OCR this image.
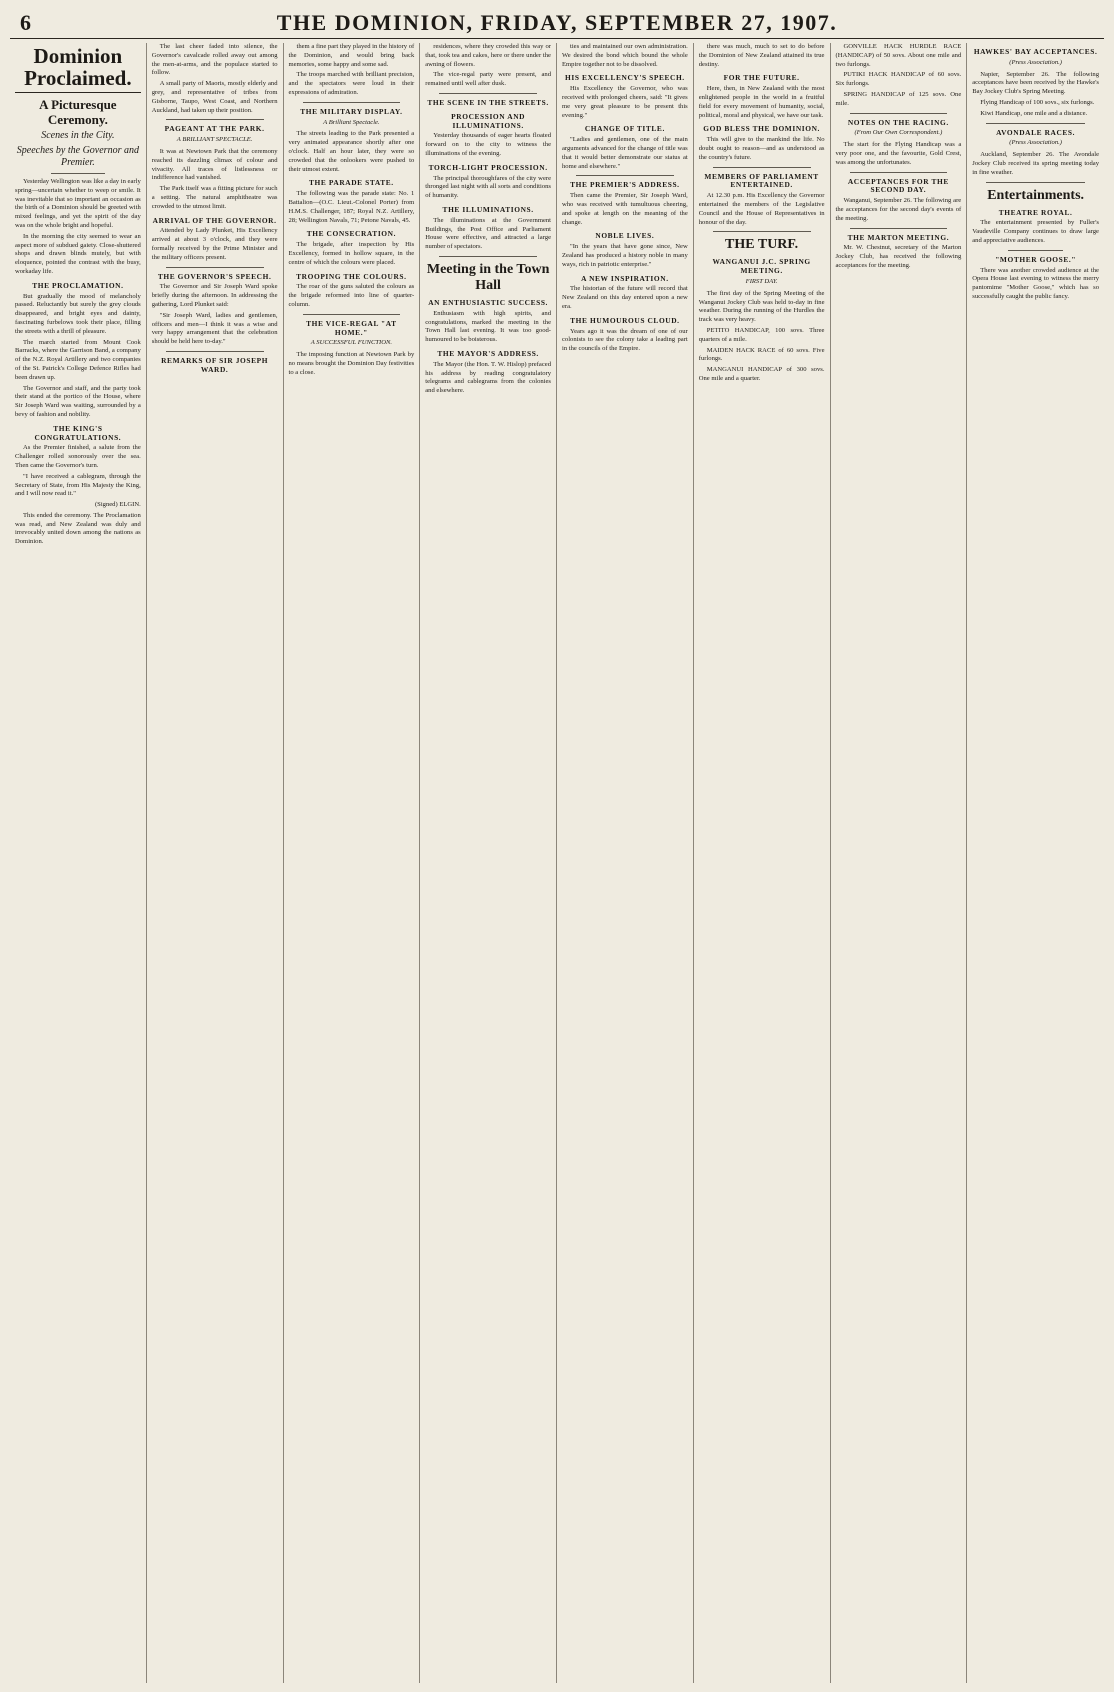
6	THE DOMINION, FRIDAY, SEPTEMBER 27, 1907.
Dominion Proclaimed.
A Picturesque Ceremony.
Scenes in the City.
Speeches by the Governor and Premier.

Yesterday Wellington was like a day in early spring—uncertain whether to weep or smile. It was inevitable that so important an occasion as the birth of a Dominion should be greeted with mixed feelings, and yet the spirit of the day was on the whole bright and hopeful.

In the morning the city seemed to wear an aspect more of subdued gaiety. Close-shuttered shops and drawn blinds mutely, but with eloquence, pointed the contrast with the busy, workaday life.

THE PROCLAMATION.

But gradually the mood of melancholy passed. Reluctantly but surely the grey clouds disappeared, and bright eyes and dainty, fascinating furbelows took their place, filling the streets with a thrill of pleasure.

The march started from Mount Cook Barracks, where the Garrison Band, a company of the N.Z. Royal Artillery and two companies of the St. Patrick's College Defence Rifles had been drawn up.

The Governor and staff, and the party took their stand at the portico of the House, where Sir Joseph Ward was waiting, surrounded by a bevy of fashion and nobility.

THE KING'S CONGRATULATIONS.

As the Premier finished, a salute from the Challenger rolled sonorously over the sea. Then came the Governor's turn.

"I have received a cablegram, through the Secretary of State, from His Majesty the King, and I will now read it."

(Signed) ELGIN.

This ended the ceremony. The Proclamation was read, and New Zealand was duly and irrevocably united down among the nations as Dominion.

The last cheer faded into silence, the Governor's cavalcade rolled away out among the men-at-arms, and the populace started to follow.

A small party of Maoris, mostly elderly and grey, and representative of tribes from Gisborne, Taupo, West Coast, and Northern Auckland, had taken up their position.

PAGEANT AT THE PARK.
A BRILLIANT SPECTACLE.

It was at Newtown Park that the ceremony reached its dazzling climax of colour and vivacity. All traces of listlessness or indifference had vanished.

The Park itself was a fitting picture for such a setting. The natural amphitheatre was crowded to the utmost limit.

ARRIVAL OF THE GOVERNOR.

Attended by Lady Plunket, His Excellency arrived at about 3 o'clock, and they were formally received by the Prime Minister and the military officers present.

THE GOVERNOR'S SPEECH.

The Governor and Sir Joseph Ward spoke briefly during the afternoon. In addressing the gathering, Lord Plunket said:

"Sir Joseph Ward, ladies and gentlemen, officers and men—I think it was a wise and very happy arrangement that the celebration should be held here to-day."

REMARKS OF SIR JOSEPH WARD.

them a fine part they played in the history of the Dominion, and would bring back memories, some happy and some sad.

The troops marched with brilliant precision, and the spectators were loud in their expressions of admiration.

THE MILITARY DISPLAY.
A Brilliant Spectacle.

The streets leading to the Park presented a very animated appearance shortly after one o'clock. Half an hour later, they were so crowded that the onlookers were pushed to their utmost extent.

THE PARADE STATE.

The following was the parade state: No. 1 Battalion—(O.C. Lieut.-Colonel Porter) from H.M.S. Challenger, 187; Royal N.Z. Artillery, 28; Wellington Navals, 71; Petone Navals, 45.

THE CONSECRATION.

The brigade, after inspection by His Excellency, formed in hollow square, in the centre of which the colours were placed.

TROOPING THE COLOURS.

The roar of the guns saluted the colours as the brigade reformed into line of quarter-column.

THE VICE-REGAL "AT HOME."
A SUCCESSFUL FUNCTION.

The imposing function at Newtown Park by no means brought the Dominion Day festivities to a close.

residences, where they crowded this way or that, took tea and cakes, here or there under the awning of flowers.

The vice-regal party were present, and remained until well after dusk.

THE SCENE IN THE STREETS.
PROCESSION AND ILLUMINATIONS.

Yesterday thousands of eager hearts floated forward on to the city to witness the illuminations of the evening.

TORCH-LIGHT PROCESSION.

The principal thoroughfares of the city were thronged last night with all sorts and conditions of humanity.

THE ILLUMINATIONS.

The illuminations at the Government Buildings, the Post Office and Parliament House were effective, and attracted a large number of spectators.

Meeting in the Town Hall
AN ENTHUSIASTIC SUCCESS.

Enthusiasm with high spirits, and congratulations, marked the meeting in the Town Hall last evening. It was too good-humoured to be boisterous.

THE MAYOR'S ADDRESS.

The Mayor (the Hon. T. W. Hislop) prefaced his address by reading congratulatory telegrams and cablegrams from the colonies and elsewhere.

ties and maintained our own administration. We desired the bond which bound the whole Empire together not to be dissolved.

HIS EXCELLENCY'S SPEECH.

His Excellency the Governor, who was received with prolonged cheers, said: "It gives me very great pleasure to be present this evening."

CHANGE OF TITLE.

"Ladies and gentlemen, one of the main arguments advanced for the change of title was that it would better demonstrate our status at home and elsewhere."

THE PREMIER'S ADDRESS.

Then came the Premier, Sir Joseph Ward, who was received with tumultuous cheering, and spoke at length on the meaning of the change.

NOBLE LIVES.

"In the years that have gone since, New Zealand has produced a history noble in many ways, rich in patriotic enterprise."

A NEW INSPIRATION.

The historian of the future will record that New Zealand on this day entered upon a new era.

THE HUMOUROUS CLOUD.

Years ago it was the dream of one of our colonists to see the colony take a leading part in the councils of the Empire.

there was much, much to set to do before the Dominion of New Zealand attained its true destiny.

FOR THE FUTURE.

Here, then, in New Zealand with the most enlightened people in the world in a fruitful field for every movement of humanity, social, political, moral and physical, we have our task.

GOD BLESS THE DOMINION.

This will give to the mankind the life. No doubt ought to reason—and as understood as the country's future.

MEMBERS OF PARLIAMENT ENTERTAINED.

At 12.30 p.m. His Excellency the Governor entertained the members of the Legislative Council and the House of Representatives in honour of the day.

THE TURF.
WANGANUI J.C. SPRING MEETING.
FIRST DAY.

The first day of the Spring Meeting of the Wanganui Jockey Club was held to-day in fine weather. During the running of the Hurdles the track was very heavy.

PETITO HANDICAP, 100 sovs. Three quarters of a mile.

MAIDEN HACK RACE of 60 sovs. Five furlongs.

MANGANUI HANDICAP of 300 sovs. One mile and a quarter.

GONVILLE HACK HURDLE RACE (HANDICAP) of 50 sovs. About one mile and two furlongs.

PUTIKI HACK HANDICAP of 60 sovs. Six furlongs.

SPRING HANDICAP of 125 sovs. One mile.

NOTES ON THE RACING.
(From Our Own Correspondent.)

The start for the Flying Handicap was a very poor one, and the favourite, Gold Crest, was among the unfortunates.

ACCEPTANCES FOR THE SECOND DAY.

Wanganui, September 26. The following are the acceptances for the second day's events of the meeting.

THE MARTON MEETING.

Mr. W. Chestnut, secretary of the Marton Jockey Club, has received the following acceptances for the meeting.

HAWKES' BAY ACCEPTANCES.
(Press Association.)

Napier, September 26. The following acceptances have been received by the Hawke's Bay Jockey Club's Spring Meeting.

Flying Handicap of 100 sovs., six furlongs.

Kiwi Handicap, one mile and a distance.

AVONDALE RACES.
(Press Association.)

Auckland, September 26. The Avondale Jockey Club received its spring meeting today in fine weather.

Entertainments.
THEATRE ROYAL.

The entertainment presented by Fuller's Vaudeville Company continues to draw large and appreciative audiences.

"MOTHER GOOSE."

There was another crowded audience at the Opera House last evening to witness the merry pantomime "Mother Goose," which has so successfully caught the public fancy.
